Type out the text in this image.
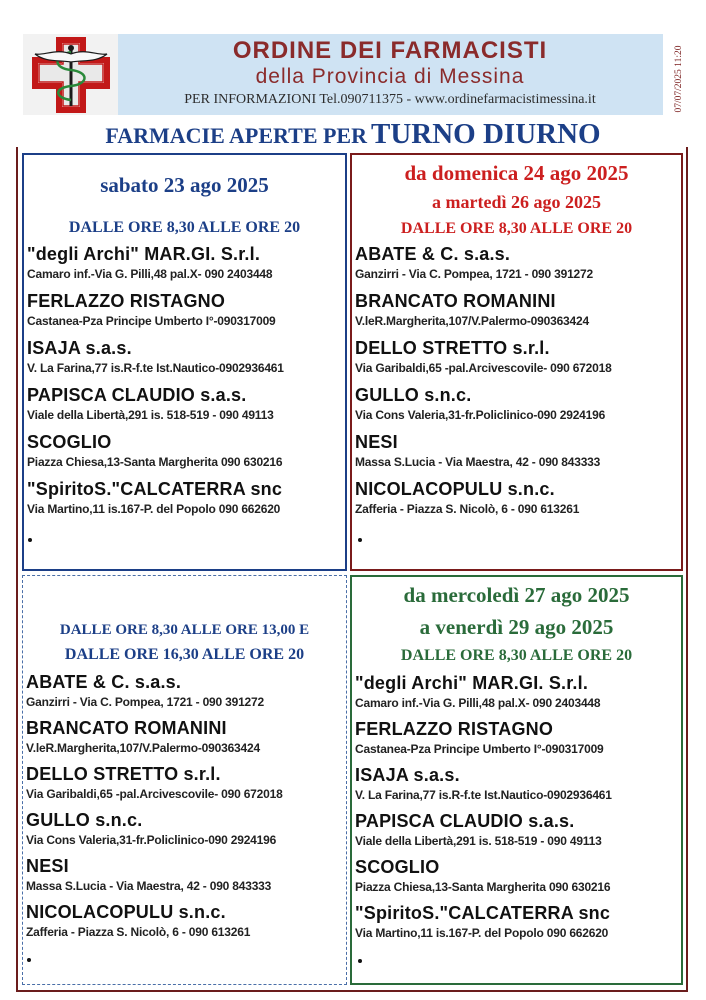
ORDINE DEI FARMACISTI
della Provincia di Messina
PER INFORMAZIONI Tel.090711375 - www.ordinefarmacistimessina.it	07/07/2025 11:20
FARMACIE APERTE PER TURNO DIURNO
sabato 23 ago 2025
DALLE ORE 8,30 ALLE ORE 20
"degli Archi" MAR.GI. S.r.l.
Camaro inf.-Via G. Pilli,48 pal.X- 090 2403448
FERLAZZO RISTAGNO
Castanea-Pza Principe Umberto I°-090317009
ISAJA s.a.s.
V. La Farina,77 is.R-f.te Ist.Nautico-0902936461
PAPISCA CLAUDIO s.a.s.
Viale della Libertà,291 is. 518-519 - 090 49113
SCOGLIO
Piazza Chiesa,13-Santa Margherita 090 630216
"SpiritoS."CALCATERRA snc
Via Martino,11 is.167-P. del Popolo 090 662620
da domenica 24 ago 2025
a martedì 26 ago 2025
DALLE ORE 8,30 ALLE ORE 20
ABATE & C. s.a.s.
Ganzirri - Via C. Pompea, 1721 - 090 391272
BRANCATO ROMANINI
V.leR.Margherita,107/V.Palermo-090363424
DELLO STRETTO s.r.l.
Via Garibaldi,65 -pal.Arcivescovile- 090 672018
GULLO s.n.c.
Via Cons Valeria,31-fr.Policlinico-090 2924196
NESI
Massa S.Lucia - Via Maestra, 42 - 090 843333
NICOLACOPULU s.n.c.
Zafferia - Piazza S. Nicolò, 6 - 090 613261
DALLE ORE 8,30 ALLE ORE 13,00 E
DALLE ORE 16,30 ALLE ORE 20
ABATE & C. s.a.s.
Ganzirri - Via C. Pompea, 1721 - 090 391272
BRANCATO ROMANINI
V.leR.Margherita,107/V.Palermo-090363424
DELLO STRETTO s.r.l.
Via Garibaldi,65 -pal.Arcivescovile- 090 672018
GULLO s.n.c.
Via Cons Valeria,31-fr.Policlinico-090 2924196
NESI
Massa S.Lucia - Via Maestra, 42 - 090 843333
NICOLACOPULU s.n.c.
Zafferia - Piazza S. Nicolò, 6 - 090 613261
da mercoledì 27 ago 2025
a venerdì 29 ago 2025
DALLE ORE 8,30 ALLE ORE 20
"degli Archi" MAR.GI. S.r.l.
Camaro inf.-Via G. Pilli,48 pal.X- 090 2403448
FERLAZZO RISTAGNO
Castanea-Pza Principe Umberto I°-090317009
ISAJA s.a.s.
V. La Farina,77 is.R-f.te Ist.Nautico-0902936461
PAPISCA CLAUDIO s.a.s.
Viale della Libertà,291 is. 518-519 - 090 49113
SCOGLIO
Piazza Chiesa,13-Santa Margherita 090 630216
"SpiritoS."CALCATERRA snc
Via Martino,11 is.167-P. del Popolo 090 662620
